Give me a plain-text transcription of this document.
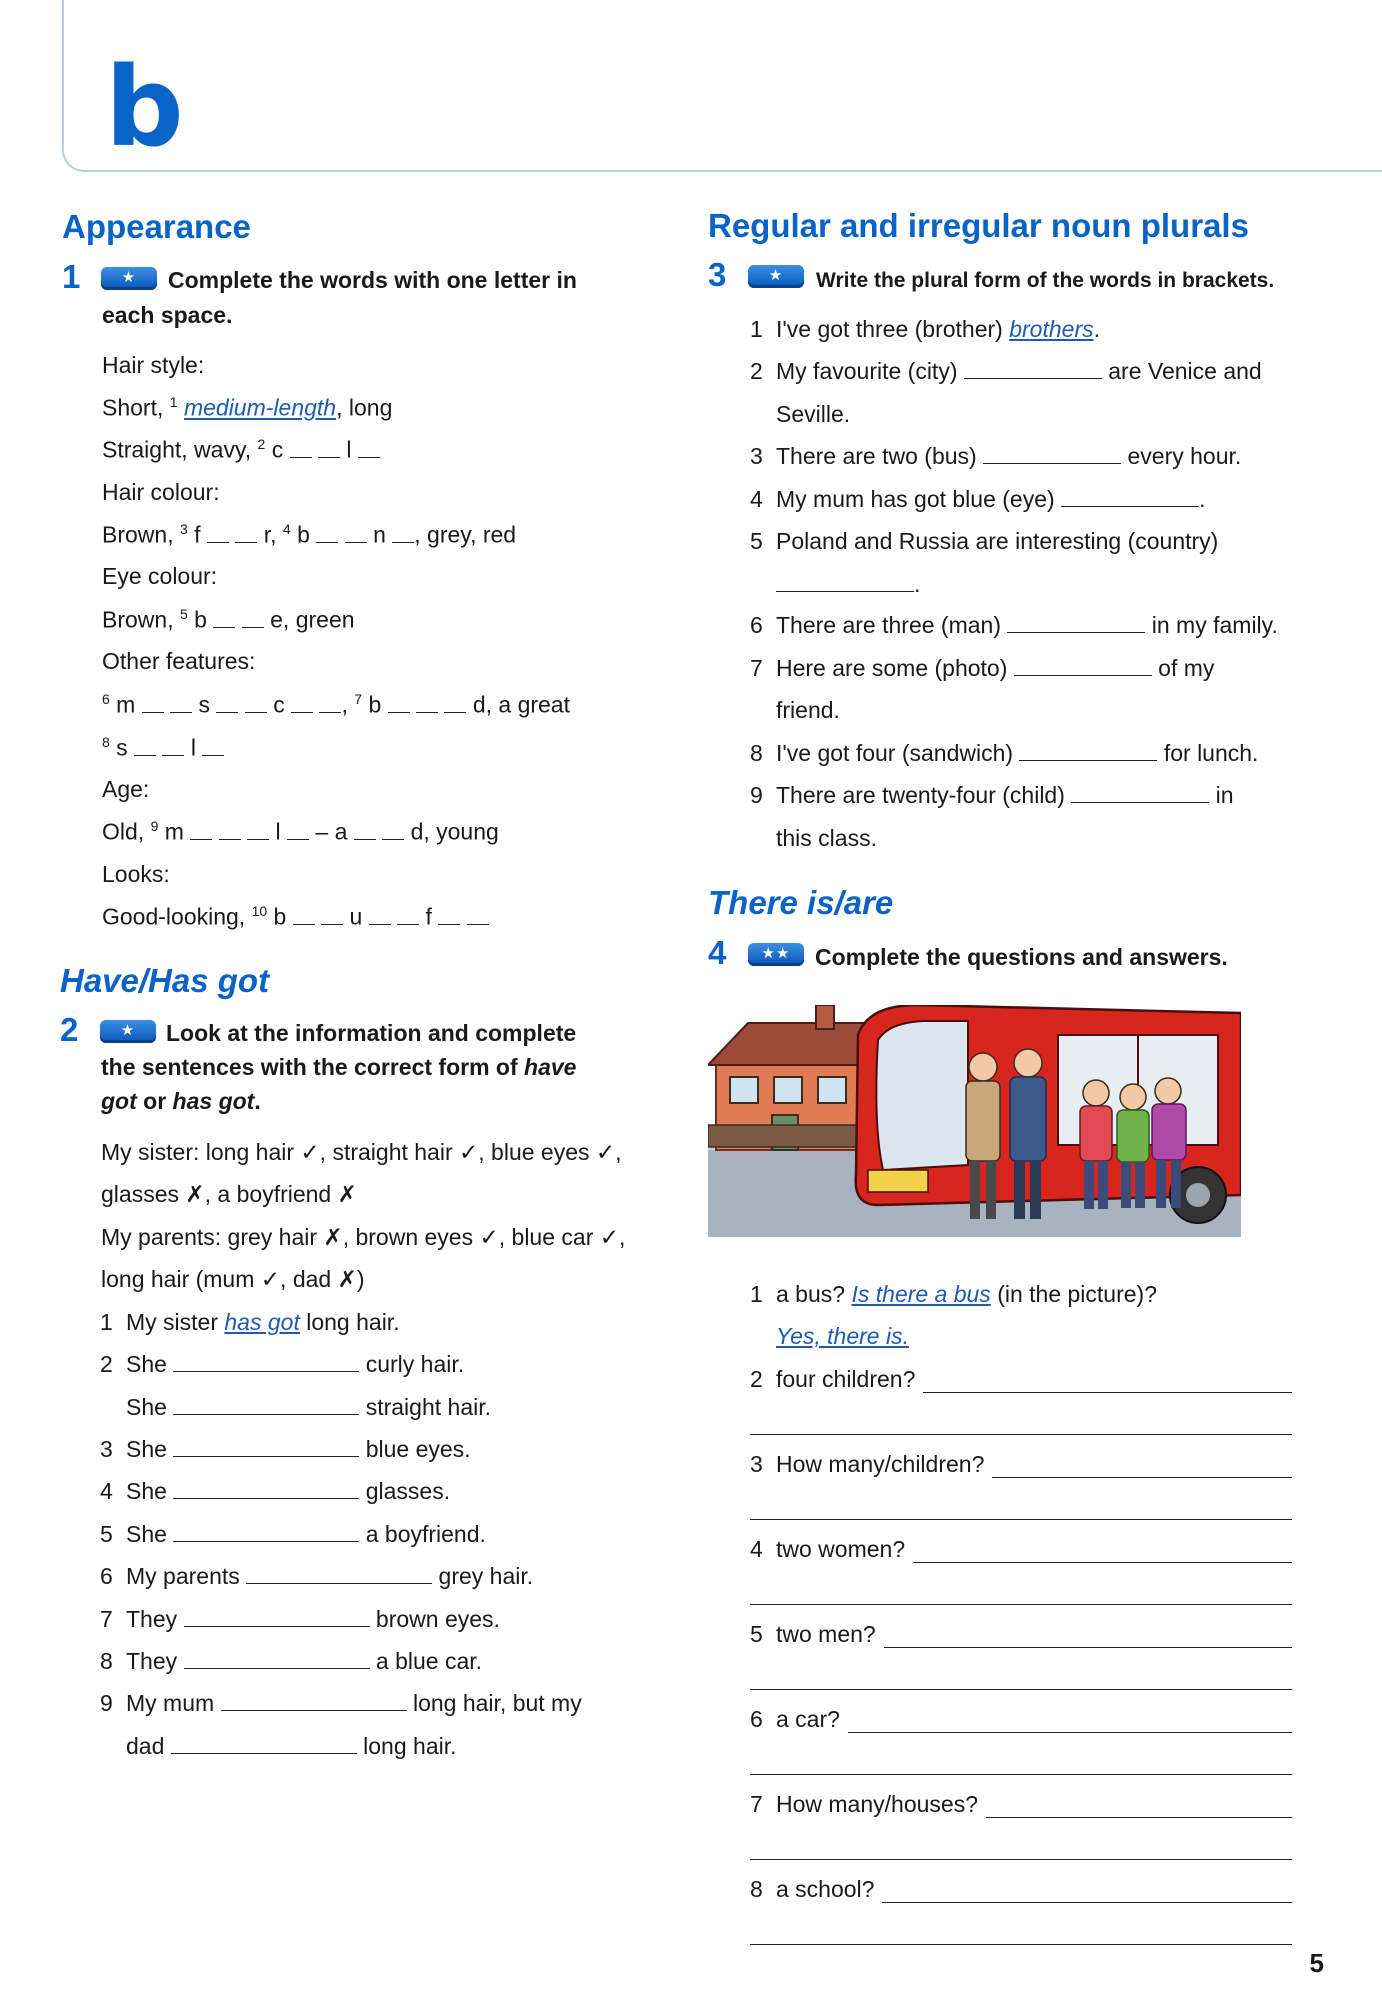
b
Appearance
1	★	Complete the words with one letter in
each space.
Hair style:
Short, $^1$ medium-length, long
Straight, wavy, $^2$ c	l
Hair colour:
Brown, $^3$ f	r, $^4$ b	n , grey, red
Eye colour:
Brown, $^5$ b	e, green
Other features:
$^6$ m	s	c , $^7$ b	d, a great
$^8$ s	l
Age:
Old, $^9$ m	l  – a	d, young
Looks:
Good-looking, $^{10}$ b	u	f
Have/Has got
2	★	Look at the information and complete
the sentences with the correct form of have
got or has got.
My sister: long hair ✓, straight hair ✓, blue eyes ✓,
glasses ✗, a boyfriend ✗
My parents: grey hair ✗, brown eyes ✓, blue car ✓,
long hair (mum ✓, dad ✗)
1 My sister has got long hair.
2 She	curly hair.
She	straight hair.
3 She	blue eyes.
4 She	glasses.
5 She	a boyfriend.
6 My parents	grey hair.
7 They	brown eyes.
8 They	a blue car.
9 My mum	long hair, but my
dad	long hair.
Regular and irregular noun plurals
3	★	Write the plural form of the words in brackets.
1 I've got three (brother) brothers.
2 My favourite (city)	are Venice and
Seville.
3 There are two (bus)	every hour.
4 My mum has got blue (eye)	.
5 Poland and Russia are interesting (country)
.
6 There are three (man)	in my family.
7 Here are some (photo)	of my
friend.
8 I've got four (sandwich)	for lunch.
9 There are twenty-four (child)	in
this class.
There is/are
4	★★	Complete the questions and answers.
1 a bus? Is there a bus (in the picture)?
Yes, there is.
2 four children?
3 How many/children?
4 two women?
5 two men?
6 a car?
7 How many/houses?
8 a school?
5
